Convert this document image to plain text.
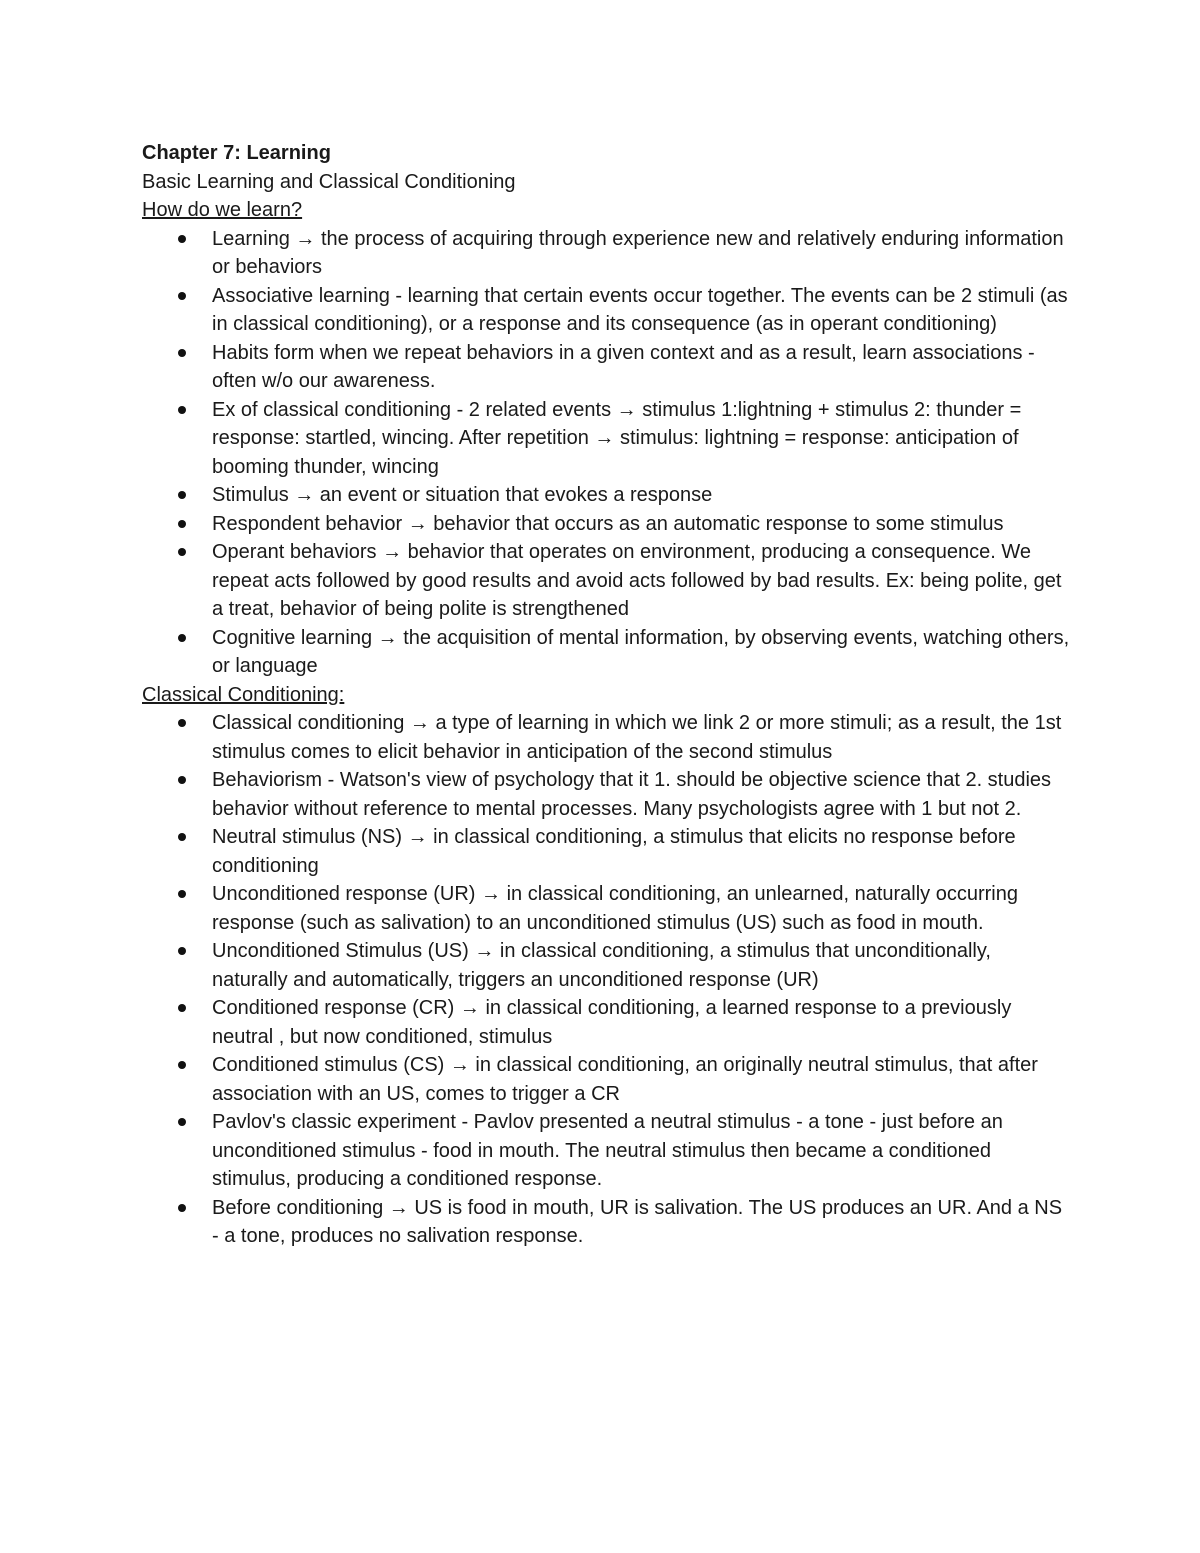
Chapter 7: Learning

Basic Learning and Classical Conditioning

How do we learn?

Learning → the process of acquiring through experience new and relatively enduring information or behaviors
Associative learning - learning that certain events occur together. The events can be 2 stimuli (as in classical conditioning), or a response and its consequence (as in operant conditioning)
Habits form when we repeat behaviors in a given context and as a result, learn associations - often w/o our awareness.
Ex of classical conditioning - 2 related events → stimulus 1:lightning + stimulus 2: thunder = response: startled, wincing. After repetition → stimulus: lightning = response: anticipation of booming thunder, wincing
Stimulus → an event or situation that evokes a response
Respondent behavior → behavior that occurs as an automatic response to some stimulus
Operant behaviors → behavior that operates on environment, producing a consequence. We repeat acts followed by good results and avoid acts followed by bad results. Ex: being polite, get a treat, behavior of being polite is strengthened
Cognitive learning → the acquisition of mental information, by observing events, watching others, or language

Classical Conditioning:

Classical conditioning → a type of learning in which we link 2 or more stimuli; as a result, the 1st stimulus comes to elicit behavior in anticipation of the second stimulus
Behaviorism - Watson's view of psychology that it 1. should be objective science that 2. studies behavior without reference to mental processes. Many psychologists agree with 1 but not 2.
Neutral stimulus (NS) → in classical conditioning, a stimulus that elicits no response before conditioning
Unconditioned response (UR) → in classical conditioning, an unlearned, naturally occurring response (such as salivation) to an unconditioned stimulus (US) such as food in mouth.
Unconditioned Stimulus (US) → in classical conditioning, a stimulus that unconditionally, naturally and automatically, triggers an unconditioned response (UR)
Conditioned response (CR) → in classical conditioning, a learned response to a previously neutral , but now conditioned, stimulus
Conditioned stimulus (CS) → in classical conditioning, an originally neutral stimulus, that after association with an US, comes to trigger a CR
Pavlov's classic experiment - Pavlov presented a neutral stimulus - a tone - just before an unconditioned stimulus - food in mouth. The neutral stimulus then became a conditioned stimulus, producing a conditioned response.
Before conditioning → US is food in mouth, UR is salivation. The US produces an UR. And a NS - a tone, produces no salivation response.
